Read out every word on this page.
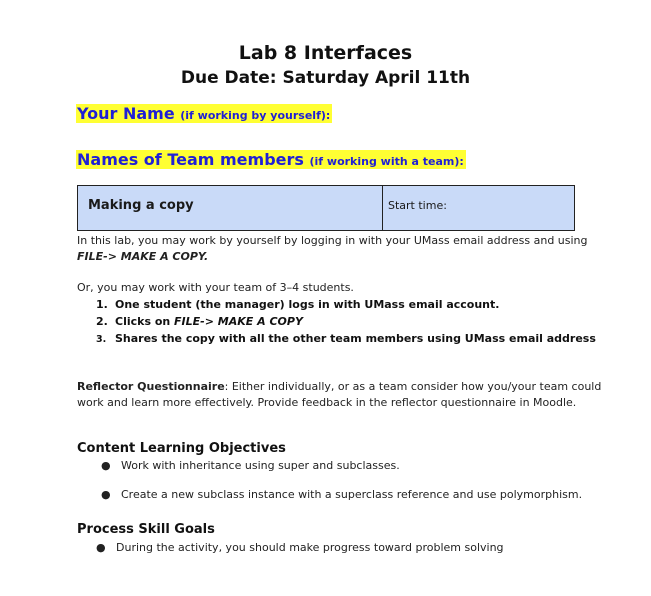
Lab 8 Interfaces
Due Date: Saturday April 11th
Your Name (if working by yourself):
Names of Team members (if working with a team):
Making a copy	Start time:
In this lab, you may work by yourself by logging in with your UMass email address and using
FILE-> MAKE A COPY.
Or, you may work with your team of 3–4 students.
1. One student (the manager) logs in with UMass email account.
2. Clicks on FILE-> MAKE A COPY
3. Shares the copy with all the other team members using UMass email address
Reflector Questionnaire: Either individually, or as a team consider how you/your team could
work and learn more effectively. Provide feedback in the reflector questionnaire in Moodle.
Content Learning Objectives
● Work with inheritance using super and subclasses.
● Create a new subclass instance with a superclass reference and use polymorphism.
Process Skill Goals
● During the activity, you should make progress toward problem solving
